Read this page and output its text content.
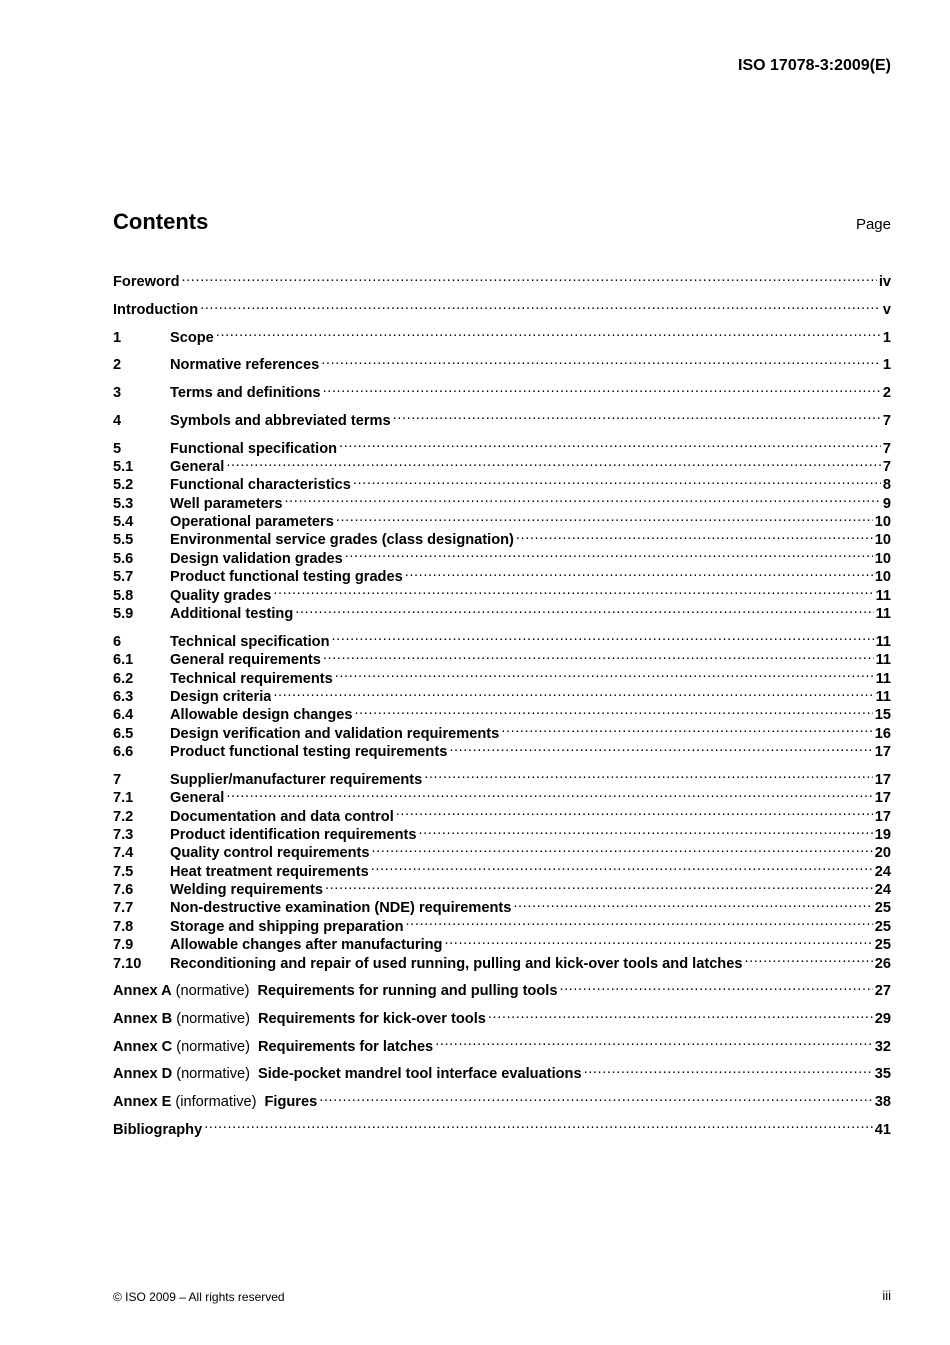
ISO 17078-3:2009(E)
Contents	Page
Foreword .....	iv
Introduction .....	v
1	Scope .....	1
2	Normative references .....	1
3	Terms and definitions .....	2
4	Symbols and abbreviated terms .....	7
5	Functional specification .....	7
5.1	General .....	7
5.2	Functional characteristics .....	8
5.3	Well parameters .....	9
5.4	Operational parameters .....	10
5.5	Environmental service grades (class designation) .....	10
5.6	Design validation grades .....	10
5.7	Product functional testing grades .....	10
5.8	Quality grades .....	11
5.9	Additional testing .....	11
6	Technical specification .....	11
6.1	General requirements .....	11
6.2	Technical requirements .....	11
6.3	Design criteria .....	11
6.4	Allowable design changes .....	15
6.5	Design verification and validation requirements .....	16
6.6	Product functional testing requirements .....	17
7	Supplier/manufacturer requirements .....	17
7.1	General .....	17
7.2	Documentation and data control .....	17
7.3	Product identification requirements .....	19
7.4	Quality control requirements .....	20
7.5	Heat treatment requirements .....	24
7.6	Welding requirements .....	24
7.7	Non-destructive examination (NDE) requirements .....	25
7.8	Storage and shipping preparation .....	25
7.9	Allowable changes after manufacturing .....	25
7.10	Reconditioning and repair of used running, pulling and kick-over tools and latches .....	26
Annex A (normative) Requirements for running and pulling tools .....	27
Annex B (normative) Requirements for kick-over tools .....	29
Annex C (normative) Requirements for latches .....	32
Annex D (normative) Side-pocket mandrel tool interface evaluations .....	35
Annex E (informative) Figures .....	38
Bibliography .....	41
© ISO 2009 – All rights reserved	iii
